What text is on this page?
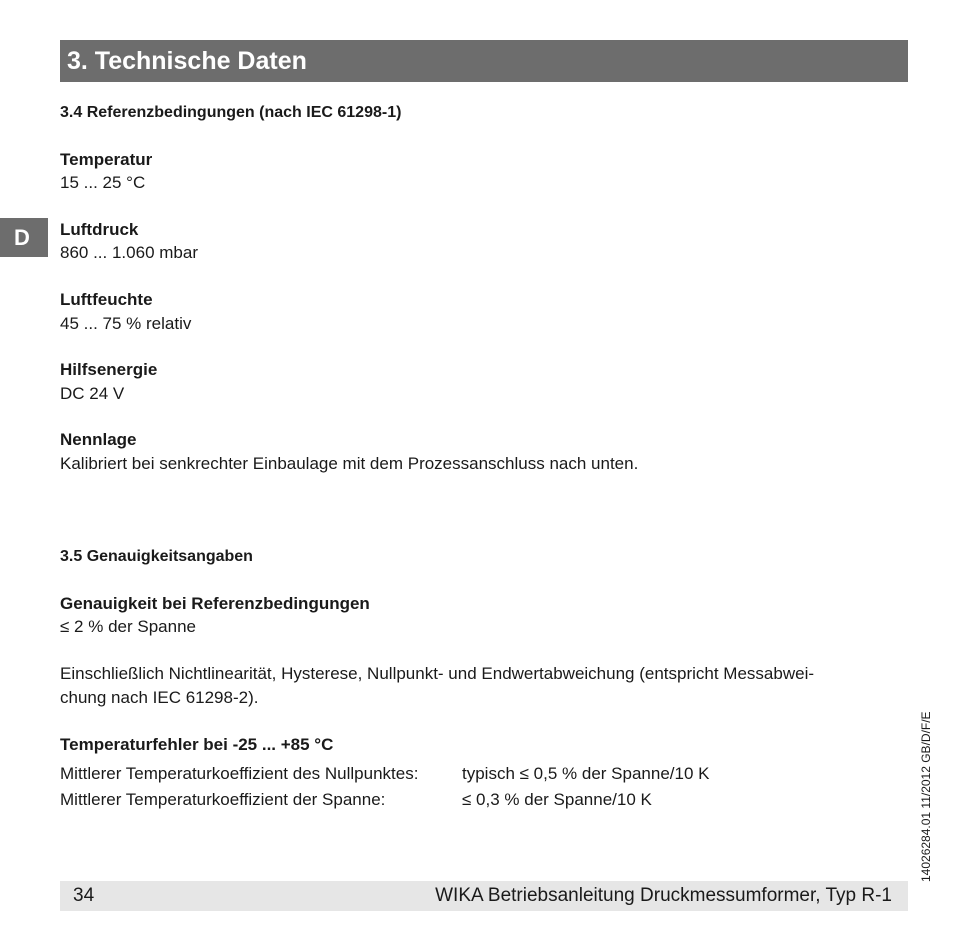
3. Technische Daten
D
3.4 Referenzbedingungen (nach IEC 61298-1)
Temperatur
15 ... 25 °C
Luftdruck
860 ... 1.060 mbar
Luftfeuchte
45 ... 75 % relativ
Hilfsenergie
DC 24 V
Nennlage
Kalibriert bei senkrechter Einbaulage mit dem Prozessanschluss nach unten.
3.5 Genauigkeitsangaben
Genauigkeit bei Referenzbedingungen
≤ 2 % der Spanne
Einschließlich Nichtlinearität, Hysterese, Nullpunkt- und Endwertabweichung (entspricht Messabwei-
chung nach IEC 61298-2).
Temperaturfehler bei -25 ... +85 °C
Mittlerer Temperaturkoeffizient des Nullpunktes:	typisch ≤ 0,5 % der Spanne/10 K
Mittlerer Temperaturkoeffizient der Spanne:	≤ 0,3 % der Spanne/10 K
34	WIKA Betriebsanleitung Druckmessumformer, Typ R-1
14026284.01 11/2012 GB/D/F/E
